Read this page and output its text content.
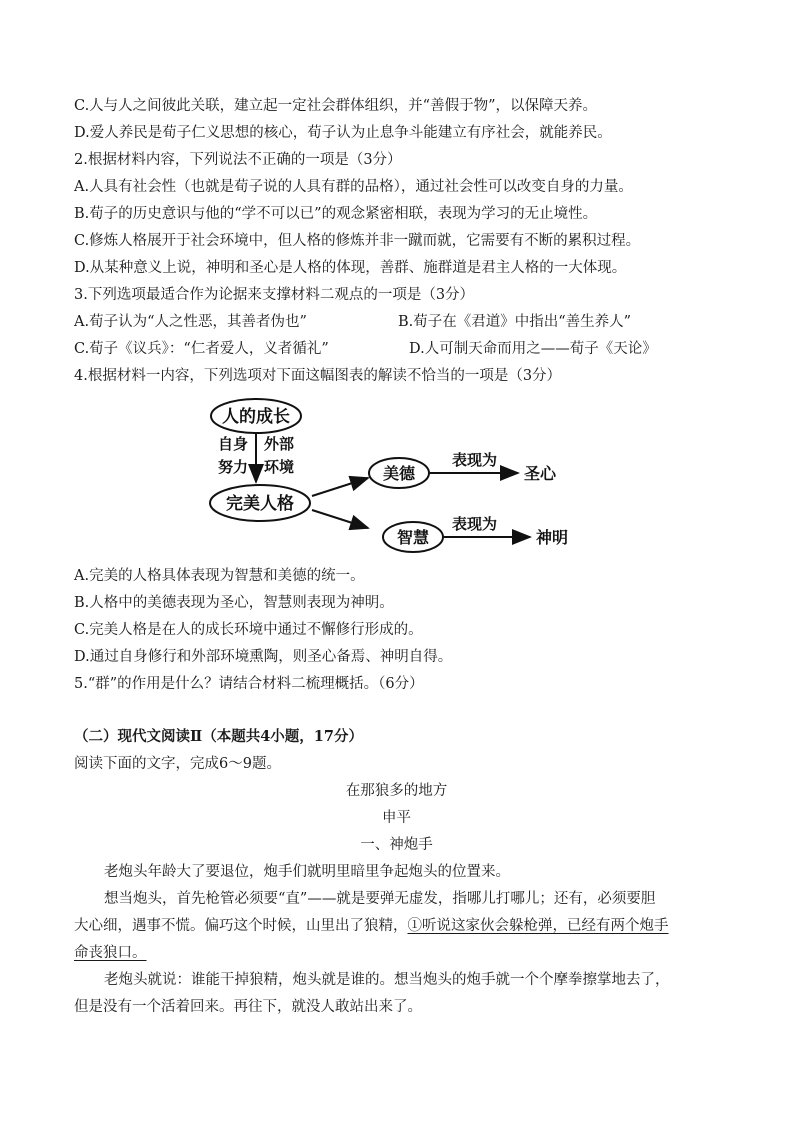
C.人与人之间彼此关联，建立起一定社会群体组织，并“善假于物”，以保障天养。
D.爱人养民是荀子仁义思想的核心，荀子认为止息争斗能建立有序社会，就能养民。
2.根据材料内容，下列说法不正确的一项是（3分）
A.人具有社会性（也就是荀子说的人具有群的品格），通过社会性可以改变自身的力量。
B.荀子的历史意识与他的“学不可以已”的观念紧密相联，表现为学习的无止境性。
C.修炼人格展开于社会环境中，但人格的修炼并非一蹴而就，它需要有不断的累积过程。
D.从某种意义上说，神明和圣心是人格的体现，善群、施群道是君主人格的一大体现。
3.下列选项最适合作为论据来支撑材料二观点的一项是（3分）
A.荀子认为“人之性恶，其善者伪也”	B.荀子在《君道》中指出“善生养人”
C.荀子《议兵》：“仁者爱人，义者循礼”	D.人可制天命而用之——荀子《天论》
4.根据材料一内容，下列选项对下面这幅图表的解读不恰当的一项是（3分）
人的成长
自身
努力
外部
环境
完美人格
美德
智慧
表现为
圣心
表现为
神明
A.完美的人格具体表现为智慧和美德的统一。
B.人格中的美德表现为圣心，智慧则表现为神明。
C.完美人格是在人的成长环境中通过不懈修行形成的。
D.通过自身修行和外部环境熏陶，则圣心备焉、神明自得。
5.“群”的作用是什么？请结合材料二梳理概括。（6分）
（二）现代文阅读Ⅱ（本题共4小题，17分）
阅读下面的文字，完成6～9题。
在那狼多的地方
申平
一、神炮手
老炮头年龄大了要退位，炮手们就明里暗里争起炮头的位置来。
想当炮头，首先枪管必须要“直”——就是要弹无虚发，指哪儿打哪儿；还有，必须要胆
大心细，遇事不慌。偏巧这个时候，山里出了狼精，①听说这家伙会躲枪弹，已经有两个炮手
命丧狼口。
老炮头就说：谁能干掉狼精，炮头就是谁的。想当炮头的炮手就一个个摩拳擦掌地去了，
但是没有一个活着回来。再往下，就没人敢站出来了。
